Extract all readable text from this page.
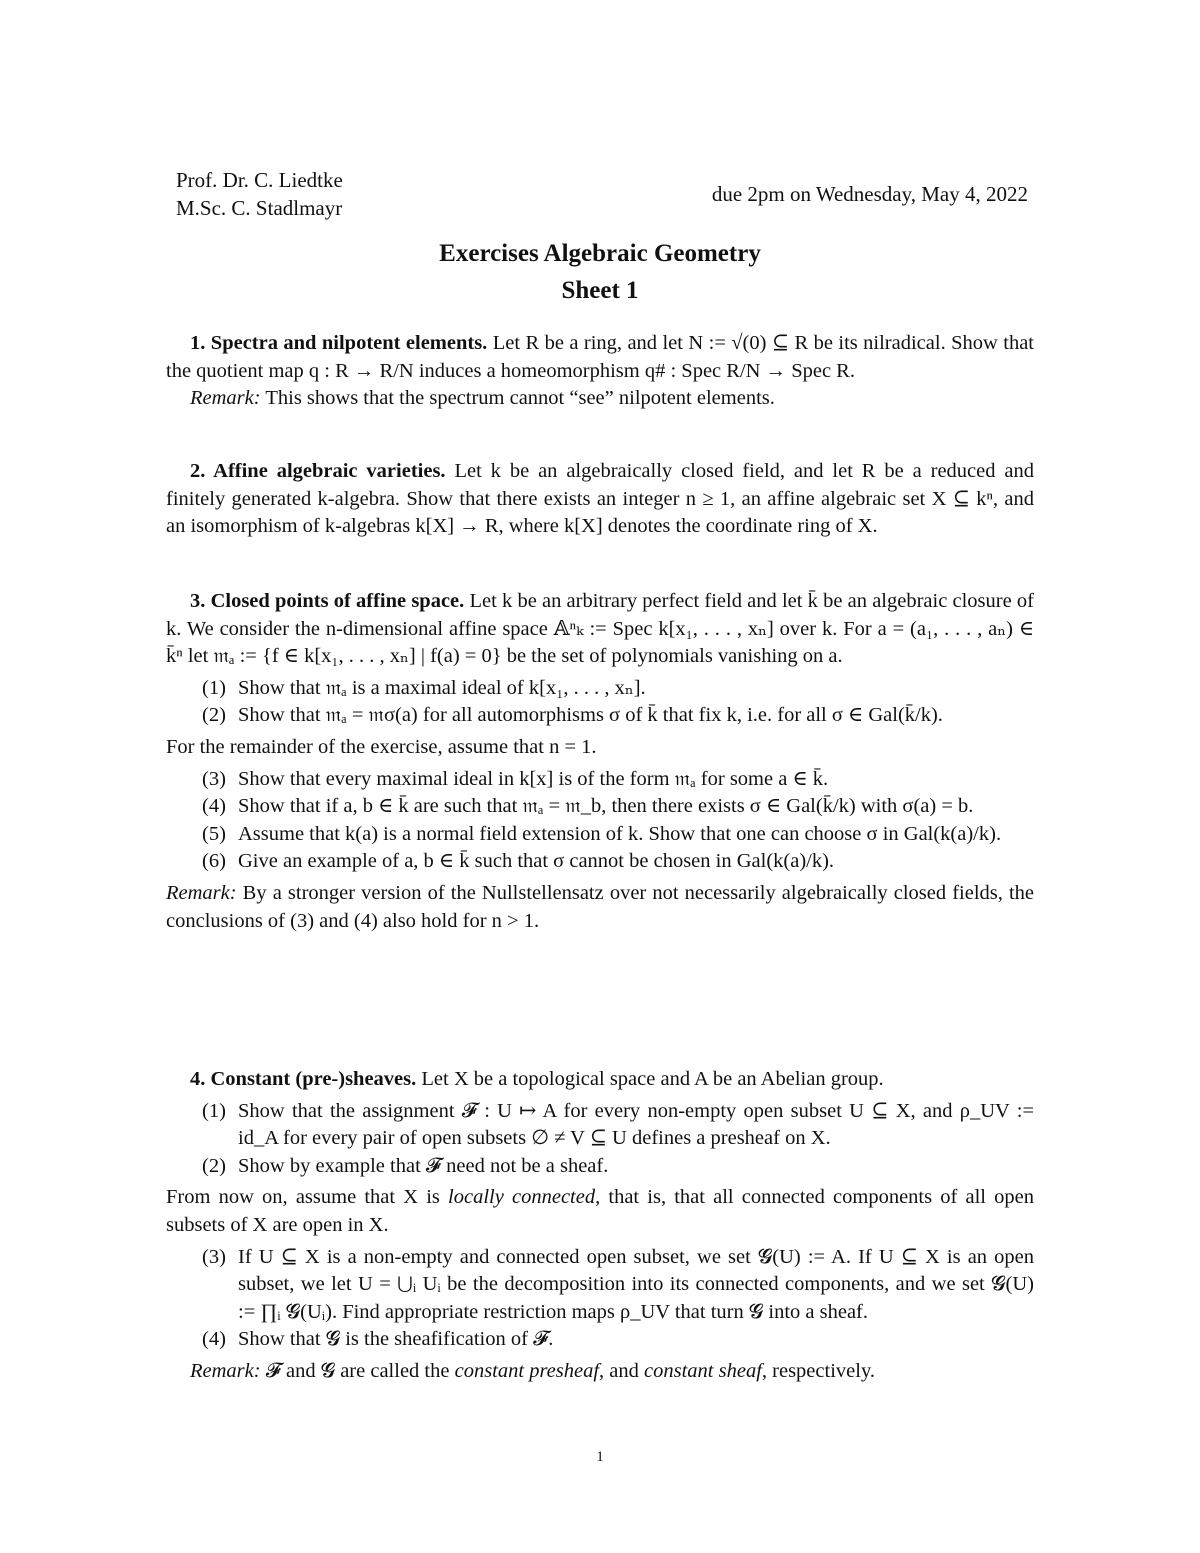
Prof. Dr. C. Liedtke
M.Sc. C. Stadlmayr
due 2pm on Wednesday, May 4, 2022
Exercises Algebraic Geometry
Sheet 1

1. Spectra and nilpotent elements. Let R be a ring, and let N := √(0) ⊆ R be its nilradical. Show that the quotient map q : R → R/N induces a homeomorphism q# : Spec R/N → Spec R.

Remark: This shows that the spectrum cannot “see” nilpotent elements.

2. Affine algebraic varieties. Let k be an algebraically closed field, and let R be a reduced and finitely generated k-algebra. Show that there exists an integer n ≥ 1, an affine algebraic set X ⊆ kⁿ, and an isomorphism of k-algebras k[X] → R, where k[X] denotes the coordinate ring of X.

3. Closed points of affine space. Let k be an arbitrary perfect field and let k̄ be an algebraic closure of k. We consider the n-dimensional affine space 𝔸ⁿₖ := Spec k[x₁, . . . , xₙ] over k. For a = (a₁, . . . , aₙ) ∈ k̄ⁿ let 𝔪ₐ := {f ∈ k[x₁, . . . , xₙ] | f(a) = 0} be the set of polynomials vanishing on a.

(1) Show that 𝔪ₐ is a maximal ideal of k[x₁, . . . , xₙ].
(2) Show that 𝔪ₐ = 𝔪σ(a) for all automorphisms σ of k̄ that fix k, i.e. for all σ ∈ Gal(k̄/k).

For the remainder of the exercise, assume that n = 1.

(3) Show that every maximal ideal in k[x] is of the form 𝔪ₐ for some a ∈ k̄.
(4) Show that if a, b ∈ k̄ are such that 𝔪ₐ = 𝔪_b, then there exists σ ∈ Gal(k̄/k) with σ(a) = b.
(5) Assume that k(a) is a normal field extension of k. Show that one can choose σ in Gal(k(a)/k).
(6) Give an example of a, b ∈ k̄ such that σ cannot be chosen in Gal(k(a)/k).

Remark: By a stronger version of the Nullstellensatz over not necessarily algebraically closed fields, the conclusions of (3) and (4) also hold for n > 1.

4. Constant (pre-)sheaves. Let X be a topological space and A be an Abelian group.

(1) Show that the assignment 𝓕 : U ↦ A for every non-empty open subset U ⊆ X, and ρ_UV := id_A for every pair of open subsets ∅ ≠ V ⊆ U defines a presheaf on X.
(2) Show by example that 𝓕 need not be a sheaf.

From now on, assume that X is locally connected, that is, that all connected components of all open subsets of X are open in X.

(3) If U ⊆ X is a non-empty and connected open subset, we set 𝓖(U) := A. If U ⊆ X is an open subset, we let U = ⋃ᵢ Uᵢ be the decomposition into its connected components, and we set 𝓖(U) := ∏ᵢ 𝓖(Uᵢ). Find appropriate restriction maps ρ_UV that turn 𝓖 into a sheaf.
(4) Show that 𝓖 is the sheafification of 𝓕.

Remark: 𝓕 and 𝓖 are called the constant presheaf, and constant sheaf, respectively.

1
